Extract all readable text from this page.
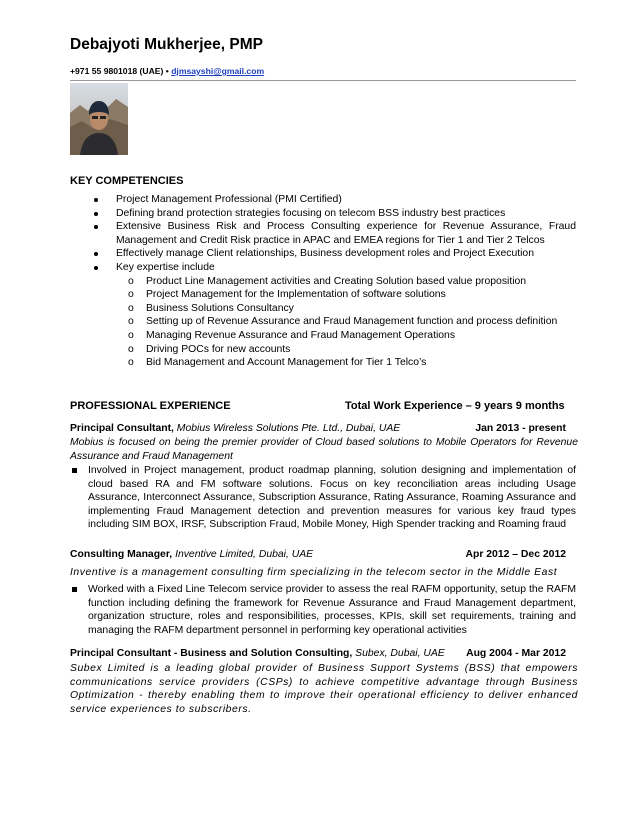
Debajyoti Mukherjee, PMP
+971 55 9801018 (UAE) • djmsayshi@gmail.com
KEY COMPETENCIES
Project Management Professional (PMI Certified)
Defining brand protection strategies focusing on telecom BSS industry best practices
Extensive Business Risk and Process Consulting experience for Revenue Assurance, Fraud Management and Credit Risk practice in APAC and EMEA regions for Tier 1 and Tier 2 Telcos
Effectively manage Client relationships, Business development roles and Project Execution
Key expertise include
o Product Line Management activities and Creating Solution based value proposition
o Project Management for the Implementation of software solutions
o Business Solutions Consultancy
o Setting up of Revenue Assurance and Fraud Management function and process definition
o Managing Revenue Assurance and Fraud Management Operations
o Driving POCs for new accounts
o Bid Management and Account Management for Tier 1 Telco’s
PROFESSIONAL EXPERIENCE	Total Work Experience – 9 years 9 months
Principal Consultant, Mobius Wireless Solutions Pte. Ltd., Dubai, UAE	Jan 2013 - present
Mobius is focused on being the premier provider of Cloud based solutions to Mobile Operators for Revenue Assurance and Fraud Management
Involved in Project management, product roadmap planning, solution designing and implementation of cloud based RA and FM software solutions. Focus on key reconciliation areas including Usage Assurance, Interconnect Assurance, Subscription Assurance, Rating Assurance, Roaming Assurance and implementing Fraud Management detection and prevention measures for various key fraud types including SIM BOX, IRSF, Subscription Fraud, Mobile Money, High Spender tracking and Roaming fraud
Consulting Manager, Inventive Limited, Dubai, UAE	Apr 2012 – Dec 2012
Inventive is a management consulting firm specializing in the telecom sector in the Middle East
Worked with a Fixed Line Telecom service provider to assess the real RAFM opportunity, setup the RAFM function including defining the framework for Revenue Assurance and Fraud Management department, organization structure, roles and responsibilities, processes, KPIs, skill set requirements, training and managing the RAFM department personnel in performing key operational activities
Principal Consultant - Business and Solution Consulting, Subex, Dubai, UAE Aug 2004 - Mar 2012
Subex Limited is a leading global provider of Business Support Systems (BSS) that empowers communications service providers (CSPs) to achieve competitive advantage through Business Optimization - thereby enabling them to improve their operational efficiency to deliver enhanced service experiences to subscribers.
